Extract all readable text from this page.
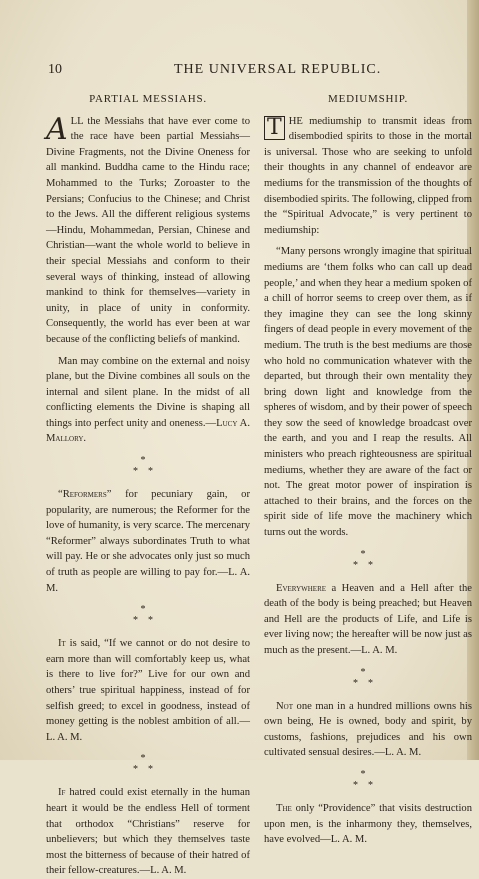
10	THE UNIVERSAL REPUBLIC.
PARTIAL MESSIAHS.

ALL the Messiahs that have ever come to the race have been partial Messiahs—Divine Fragments, not the Divine Oneness for all mankind. Buddha came to the Hindu race; Mohammed to the Turks; Zoroaster to the Persians; Confucius to the Chinese; and Christ to the Jews. All the different religious systems—Hindu, Mohammedan, Persian, Chinese and Christian—want the whole world to believe in their special Messiahs and conform to their several ways of thinking, instead of allowing mankind to think for themselves—variety in unity, in place of unity in conformity. Consequently, the world has ever been at war because of the conflicting beliefs of mankind.

Man may combine on the external and noisy plane, but the Divine combines all souls on the internal and silent plane. In the midst of all conflicting elements the Divine is shaping all things into perfect unity and oneness.—Lucy A. Mallory.

*
**

“Reformers” for pecuniary gain, or popularity, are numerous; the Reformer for the love of humanity, is very scarce. The mercenary “Reformer” always subordinates Truth to what will pay. He or she advocates only just so much of truth as people are willing to pay for.—L. A. M.

*
**

It is said, “If we cannot or do not desire to earn more than will comfortably keep us, what is there to live for?” Live for our own and others’ true spiritual happiness, instead of for selfish greed; to excel in goodness, instead of money getting is the noblest ambition of all.—L. A. M.

*
**

If hatred could exist eternally in the human heart it would be the endless Hell of torment that orthodox “Christians” reserve for unbelievers; but which they themselves taste most the bitterness of because of their hatred of their fellow-creatures.—L. A. M.

MEDIUMSHIP.

T HE mediumship to transmit ideas from disembodied spirits to those in the mortal is universal. Those who are seeking to unfold their thoughts in any channel of endeavor are mediums for the transmission of the thoughts of disembodied spirits. The following, clipped from the “Spiritual Advocate,” is very pertinent to mediumship:

“Many persons wrongly imagine that spiritual mediums are ‘them folks who can call up dead people,’ and when they hear a medium spoken of a chill of horror seems to creep over them, as if they imagine they can see the long skinny fingers of dead people in every movement of the medium. The truth is the best mediums are those who hold no communication whatever with the departed, but through their own mentality they bring down light and knowledge from the spheres of wisdom, and by their power of speech they sow the seed of knowledge broadcast over the earth, and you and I reap the results. All ministers who preach righteousness are spiritual mediums, whether they are aware of the fact or not. The great motor power of inspiration is attached to their brains, and the forces on the spirit side of life move the machinery which turns out the words.

*
**

Everywhere a Heaven and a Hell after the death of the body is being preached; but Heaven and Hell are the products of Life, and Life is ever living now; the hereafter will be now just as much as the present.—L. A. M.

*
**

Not one man in a hundred millions owns his own being, He is owned, body and spirit, by customs, fashions, prejudices and his own cultivated sensual desires.—L. A. M.

*
**

The only “Providence” that visits destruction upon men, is the inharmony they, themselves, have evolved—L. A. M.
